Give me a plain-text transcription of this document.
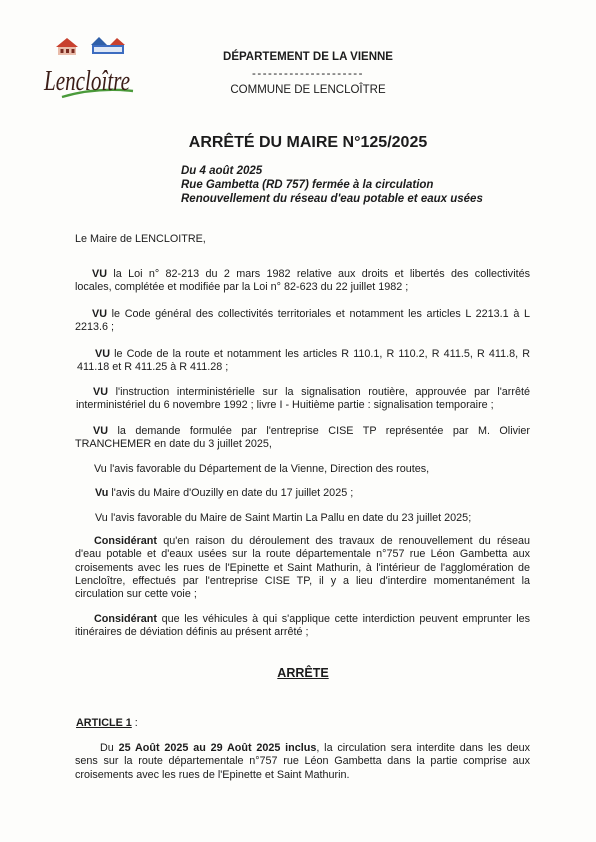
Lencloître
DÉPARTEMENT DE LA VIENNE
---------------------
COMMUNE DE LENCLOÎTRE
ARRÊTÉ DU MAIRE N°125/2025
Du 4 août 2025
Rue Gambetta (RD 757) fermée à la circulation
Renouvellement du réseau d'eau potable et eaux usées
Le Maire de LENCLOITRE,
VU la Loi n° 82-213 du 2 mars 1982 relative aux droits et libertés des collectivités
locales, complétée et modifiée par la Loi n° 82-623 du 22 juillet 1982 ;
VU le Code général des collectivités territoriales et notamment les articles L 2213.1 à L
2213.6 ;
VU le Code de la route et notamment les articles R 110.1, R 110.2, R 411.5, R 411.8, R
411.18 et R 411.25 à R 411.28 ;
VU l'instruction interministérielle sur la signalisation routière, approuvée par l'arrêté
interministériel du 6 novembre 1992 ; livre I - Huitième partie : signalisation temporaire ;
VU la demande formulée par l'entreprise CISE TP représentée par M. Olivier
TRANCHEMER en date du 3 juillet 2025,
Vu l'avis favorable du Département de la Vienne, Direction des routes,
Vu l'avis du Maire d'Ouzilly en date du 17 juillet 2025 ;
Vu l'avis favorable du Maire de Saint Martin La Pallu en date du 23 juillet 2025;
Considérant qu'en raison du déroulement des travaux de renouvellement du réseau
d'eau potable et d'eaux usées sur la route départementale n°757 rue Léon Gambetta aux
croisements avec les rues de l'Epinette et Saint Mathurin, à l'intérieur de l'agglomération de
Lencloître, effectués par l'entreprise CISE TP, il y a lieu d'interdire momentanément la
circulation sur cette voie ;
Considérant que les véhicules à qui s'applique cette interdiction peuvent emprunter les
itinéraires de déviation définis au présent arrêté ;
ARRÊTE
ARTICLE 1 :
Du 25 Août 2025 au 29 Août 2025 inclus, la circulation sera interdite dans les deux
sens sur la route départementale n°757 rue Léon Gambetta dans la partie comprise aux
croisements avec les rues de l'Epinette et Saint Mathurin.
